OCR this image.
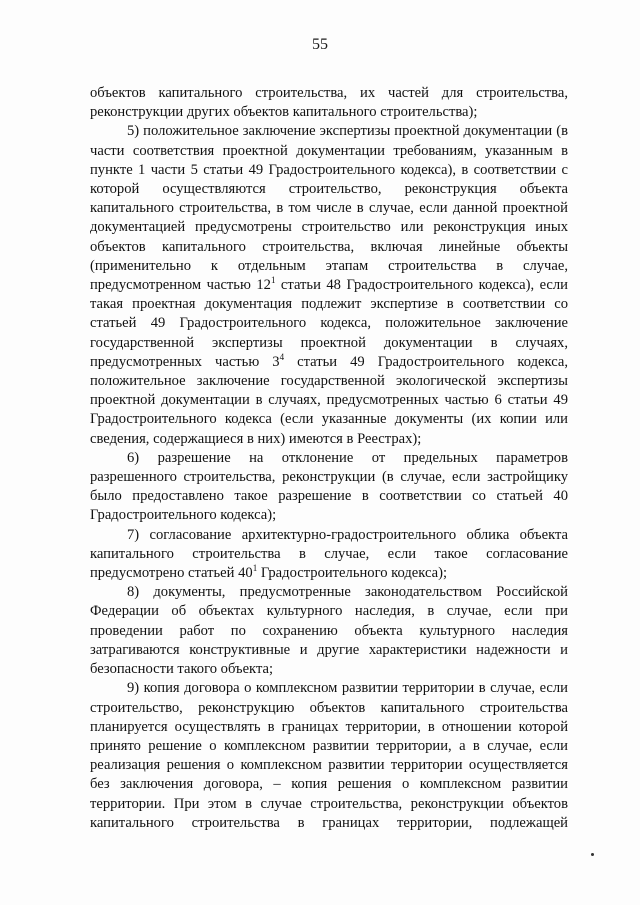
55

объектов капитального строительства, их частей для строительства, реконструкции других объектов капитального строительства);

5) положительное заключение экспертизы проектной документации (в части соответствия проектной документации требованиям, указанным в пункте 1 части 5 статьи 49 Градостроительного кодекса), в соответствии с которой осуществляются строительство, реконструкция объекта капитального строительства, в том числе в случае, если данной проектной документацией предусмотрены строительство или реконструкция иных объектов капитального строительства, включая линейные объекты (применительно к отдельным этапам строительства в случае, предусмотренном частью $12^1$ статьи 48 Градостроительного кодекса), если такая проектная документация подлежит экспертизе в соответствии со статьей 49 Градостроительного кодекса, положительное заключение государственной экспертизы проектной документации в случаях, предусмотренных частью $3^4$ статьи 49 Градостроительного кодекса, положительное заключение государственной экологической экспертизы проектной документации в случаях, предусмотренных частью 6 статьи 49 Градостроительного кодекса (если указанные документы (их копии или сведения, содержащиеся в них) имеются в Реестрах);

6) разрешение на отклонение от предельных параметров разрешенного строительства, реконструкции (в случае, если застройщику было предоставлено такое разрешение в соответствии со статьей 40 Градостроительного кодекса);

7) согласование архитектурно-градостроительного облика объекта капитального строительства в случае, если такое согласование предусмотрено статьей $40^1$ Градостроительного кодекса);

8) документы, предусмотренные законодательством Российской Федерации об объектах культурного наследия, в случае, если при проведении работ по сохранению объекта культурного наследия затрагиваются конструктивные и другие характеристики надежности и безопасности такого объекта;

9) копия договора о комплексном развитии территории в случае, если строительство, реконструкцию объектов капитального строительства планируется осуществлять в границах территории, в отношении которой принято решение о комплексном развитии территории, а в случае, если реализация решения о комплексном развитии территории осуществляется без заключения договора, – копия решения о комплексном развитии территории. При этом в случае строительства, реконструкции объектов капитального строительства в границах территории, подлежащей
